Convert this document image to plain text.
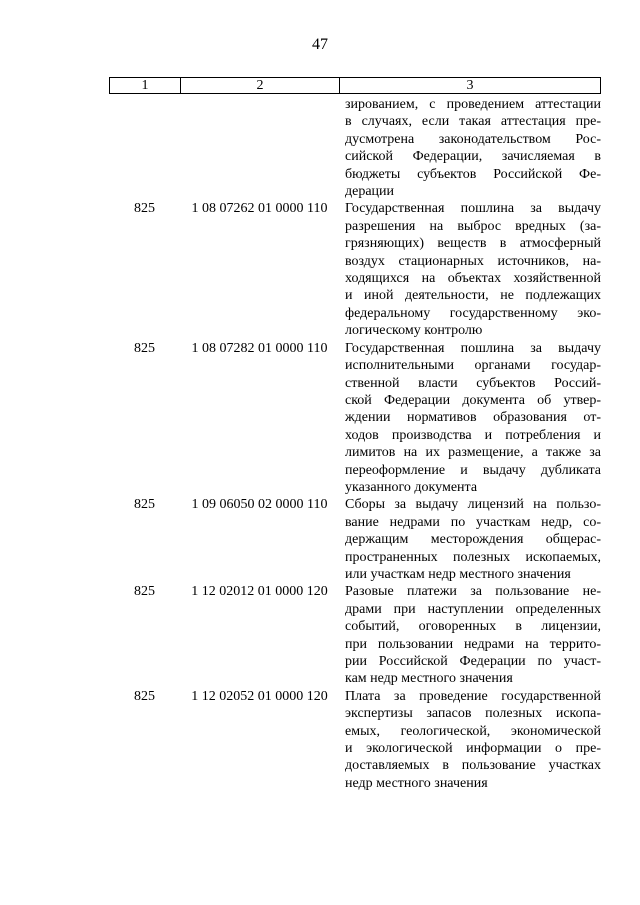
47
1	2	3
зированием, с проведением аттестации
в случаях, если такая аттестация пре-
дусмотрена законодательством Рос-
сийской Федерации, зачисляемая в
бюджеты субъектов Российской Фе-
дерации
825	1 08 07262 01 0000 110	Государственная пошлина за выдачу
разрешения на выброс вредных (за-
грязняющих) веществ в атмосферный
воздух стационарных источников, на-
ходящихся на объектах хозяйственной
и иной деятельности, не подлежащих
федеральному государственному эко-
логическому контролю
825	1 08 07282 01 0000 110	Государственная пошлина за выдачу
исполнительными органами государ-
ственной власти субъектов Россий-
ской Федерации документа об утвер-
ждении нормативов образования от-
ходов производства и потребления и
лимитов на их размещение, а также за
переоформление и выдачу дубликата
указанного документа
825	1 09 06050 02 0000 110	Сборы за выдачу лицензий на пользо-
вание недрами по участкам недр, со-
держащим месторождения общерас-
пространенных полезных ископаемых,
или участкам недр местного значения
825	1 12 02012 01 0000 120	Разовые платежи за пользование не-
драми при наступлении определенных
событий, оговоренных в лицензии,
при пользовании недрами на террито-
рии Российской Федерации по участ-
кам недр местного значения
825	1 12 02052 01 0000 120	Плата за проведение государственной
экспертизы запасов полезных ископа-
емых, геологической, экономической
и экологической информации о пре-
доставляемых в пользование участках
недр местного значения
